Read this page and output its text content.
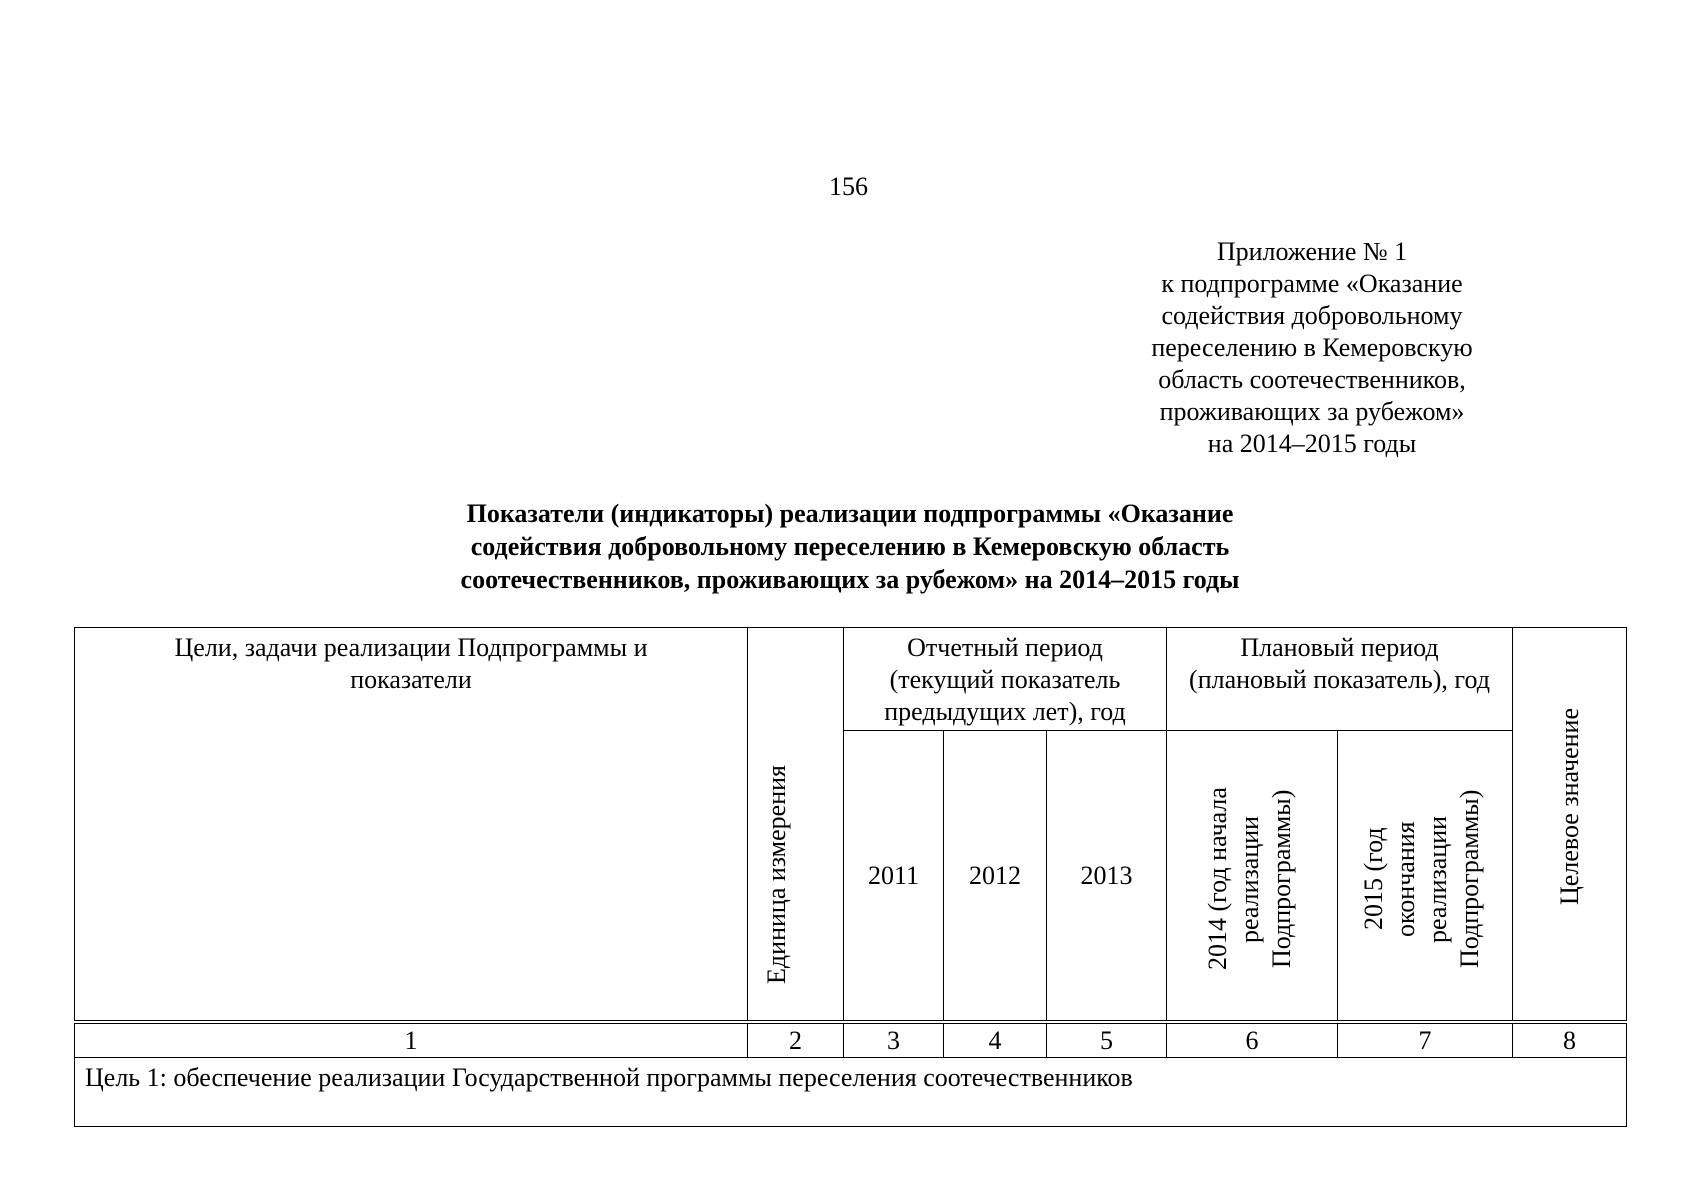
156
Приложение № 1
к подпрограмме «Оказание
содействия добровольному
переселению в Кемеровскую
область соотечественников,
проживающих за рубежом»
на 2014–2015 годы
Показатели (индикаторы) реализации подпрограммы «Оказание
содействия добровольному переселению в Кемеровскую область
соотечественников, проживающих за рубежом» на 2014–2015 годы
Цели, задачи реализации Подпрограммы и показатели	Единица измерения	Отчетный период (текущий показатель предыдущих лет), год			Плановый период (плановый показатель), год		Целевое значение
		2011	2012	2013	2014 (год начала реализации Подпрограммы)	2015 (год окончания реализации Подпрограммы)	
1	2	3	4	5	6	7	8
Цель 1: обеспечение реализации Государственной программы переселения соотечественников							
